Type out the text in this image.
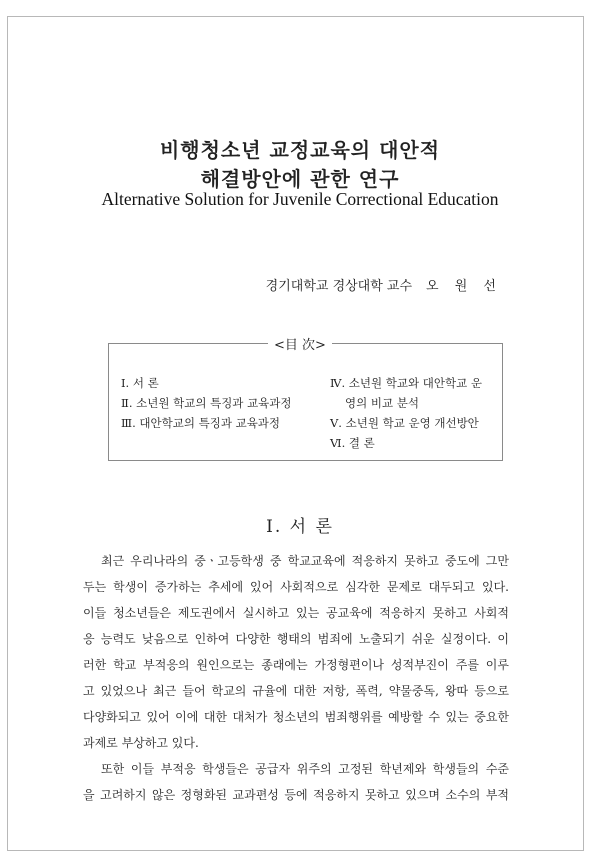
비행청소년 교정교육의 대안적
해결방안에 관한 연구
Alternative Solution for Juvenile Correctional Education
경기대학교 경상대학 교수 오 원 선
<目 次>
Ⅰ. 서 론
Ⅱ. 소년원 학교의 특징과 교육과정
Ⅲ. 대안학교의 특징과 교육과정
Ⅳ. 소년원 학교와 대안학교 운
영의 비교 분석
Ⅴ. 소년원 학교 운영 개선방안
Ⅵ. 결 론
Ⅰ. 서 론
최근 우리나라의 중ㆍ고등학생 중 학교교육에 적응하지 못하고 중도에 그만
두는 학생이 증가하는 추세에 있어 사회적으로 심각한 문제로 대두되고 있다.
이들 청소년들은 제도권에서 실시하고 있는 공교육에 적응하지 못하고 사회적
응 능력도 낮음으로 인하여 다양한 행태의 범죄에 노출되기 쉬운 실정이다. 이
러한 학교 부적응의 원인으로는 종래에는 가정형편이나 성적부진이 주를 이루
고 있었으나 최근 들어 학교의 규율에 대한 저항, 폭력, 약물중독, 왕따 등으로
다양화되고 있어 이에 대한 대처가 청소년의 범죄행위를 예방할 수 있는 중요한
과제로 부상하고 있다.
또한 이들 부적응 학생들은 공급자 위주의 고정된 학년제와 학생들의 수준
을 고려하지 않은 정형화된 교과편성 등에 적응하지 못하고 있으며 소수의 부적
